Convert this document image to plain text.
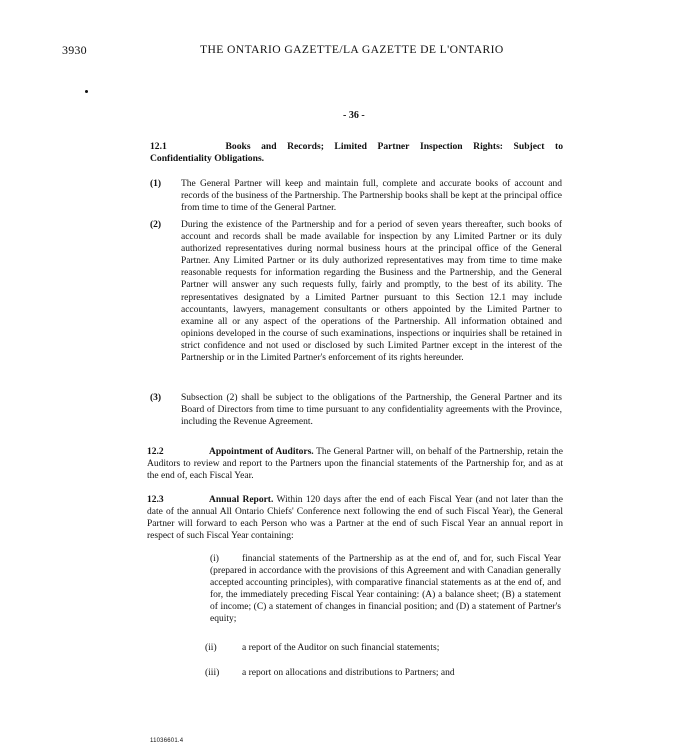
3930	THE ONTARIO GAZETTE/LA GAZETTE DE L'ONTARIO
- 36 -
12.1	Books and Records; Limited Partner Inspection Rights: Subject to
Confidentiality Obligations.
(1) The General Partner will keep and maintain full, complete and accurate books of account and records of the business of the Partnership. The Partnership books shall be kept at the principal office from time to time of the General Partner.
(2) During the existence of the Partnership and for a period of seven years thereafter, such books of account and records shall be made available for inspection by any Limited Partner or its duly authorized representatives during normal business hours at the principal office of the General Partner. Any Limited Partner or its duly authorized representatives may from time to time make reasonable requests for information regarding the Business and the Partnership, and the General Partner will answer any such requests fully, fairly and promptly, to the best of its ability. The representatives designated by a Limited Partner pursuant to this Section 12.1 may include accountants, lawyers, management consultants or others appointed by the Limited Partner to examine all or any aspect of the operations of the Partnership. All information obtained and opinions developed in the course of such examinations, inspections or inquiries shall be retained in strict confidence and not used or disclosed by such Limited Partner except in the interest of the Partnership or in the Limited Partner's enforcement of its rights hereunder.
(3) Subsection (2) shall be subject to the obligations of the Partnership, the General Partner and its Board of Directors from time to time pursuant to any confidentiality agreements with the Province, including the Revenue Agreement.
12.2	Appointment of Auditors. The General Partner will, on behalf of the Partnership, retain the Auditors to review and report to the Partners upon the financial statements of the Partnership for, and as at the end of, each Fiscal Year.
12.3	Annual Report. Within 120 days after the end of each Fiscal Year (and not later than the date of the annual All Ontario Chiefs' Conference next following the end of such Fiscal Year), the General Partner will forward to each Person who was a Partner at the end of such Fiscal Year an annual report in respect of such Fiscal Year containing:
(i) financial statements of the Partnership as at the end of, and for, such Fiscal Year (prepared in accordance with the provisions of this Agreement and with Canadian generally accepted accounting principles), with comparative financial statements as at the end of, and for, the immediately preceding Fiscal Year containing: (A) a balance sheet; (B) a statement of income; (C) a statement of changes in financial position; and (D) a statement of Partner's equity;
(ii)	a report of the Auditor on such financial statements;
(iii) a report on allocations and distributions to Partners; and
11036601.4
